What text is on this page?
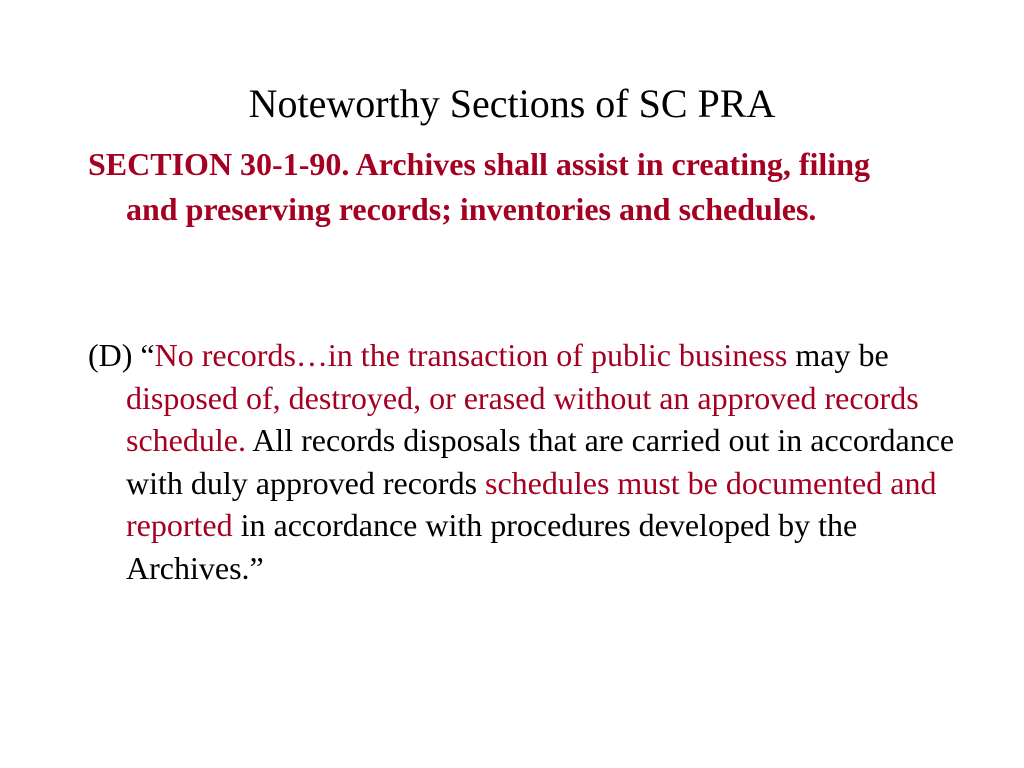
Noteworthy Sections of SC PRA

SECTION 30-1-90. Archives shall assist in creating, filing and preserving records; inventories and schedules.

(D) “No records…in the transaction of public business may be disposed of, destroyed, or erased without an approved records schedule. All records disposals that are carried out in accordance with duly approved records schedules must be documented and reported in accordance with procedures developed by the Archives.”
